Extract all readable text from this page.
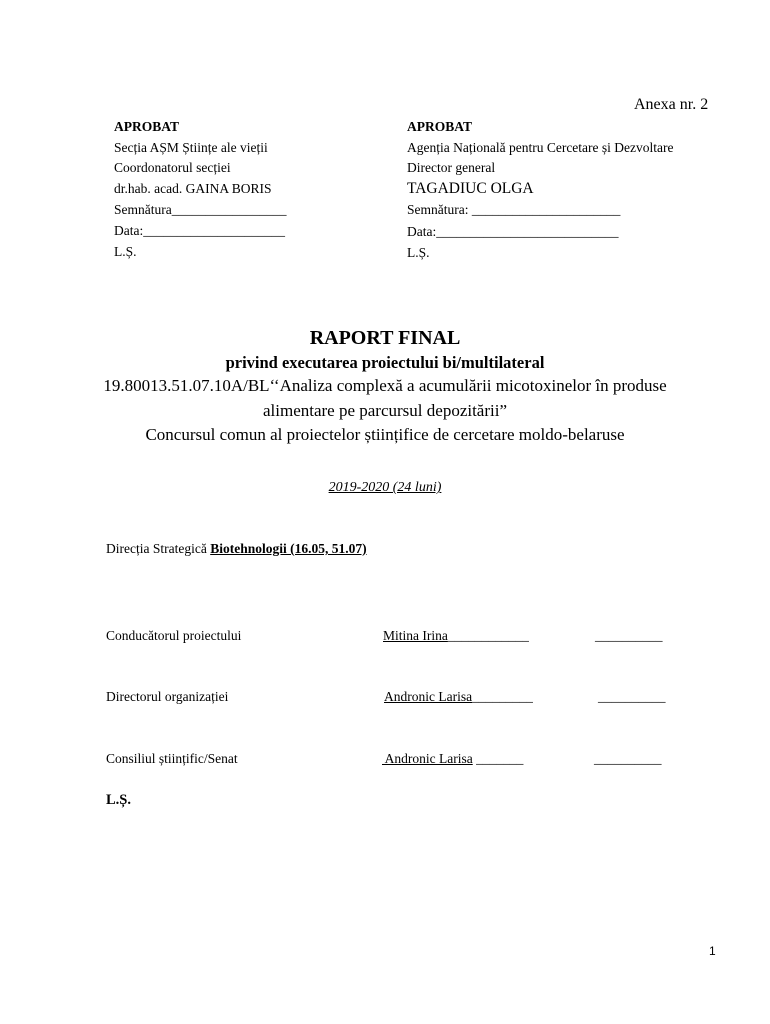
Anexa nr. 2
APROBAT
Secția AȘM Științe ale vieții
Coordonatorul secției
dr.hab. acad. GAINA BORIS
Semnătura_________________
Data:_____________________
L.Ș.
APROBAT
Agenția Națională pentru Cercetare și Dezvoltare
Director general
TAGADIUC OLGA
Semnătura: ______________________
Data:___________________________
L.Ș.
RAPORT FINAL
privind executarea proiectului bi/multilateral
19.80013.51.07.10A/BL‘‘Analiza complexă a acumulării micotoxinelor în produse
alimentare pe parcursul depozitării”
Concursul comun al proiectelor științifice de cercetare moldo-belaruse
2019-2020 (24 luni)
Direcția Strategică Biotehnologii (16.05, 51.07)
Conducătorul proiectului	Mitina Irina____________	__________
Directorul organizației	Andronic Larisa_________	__________
Consiliul științific/Senat	Andronic Larisa _______	__________
L.Ș.
1
